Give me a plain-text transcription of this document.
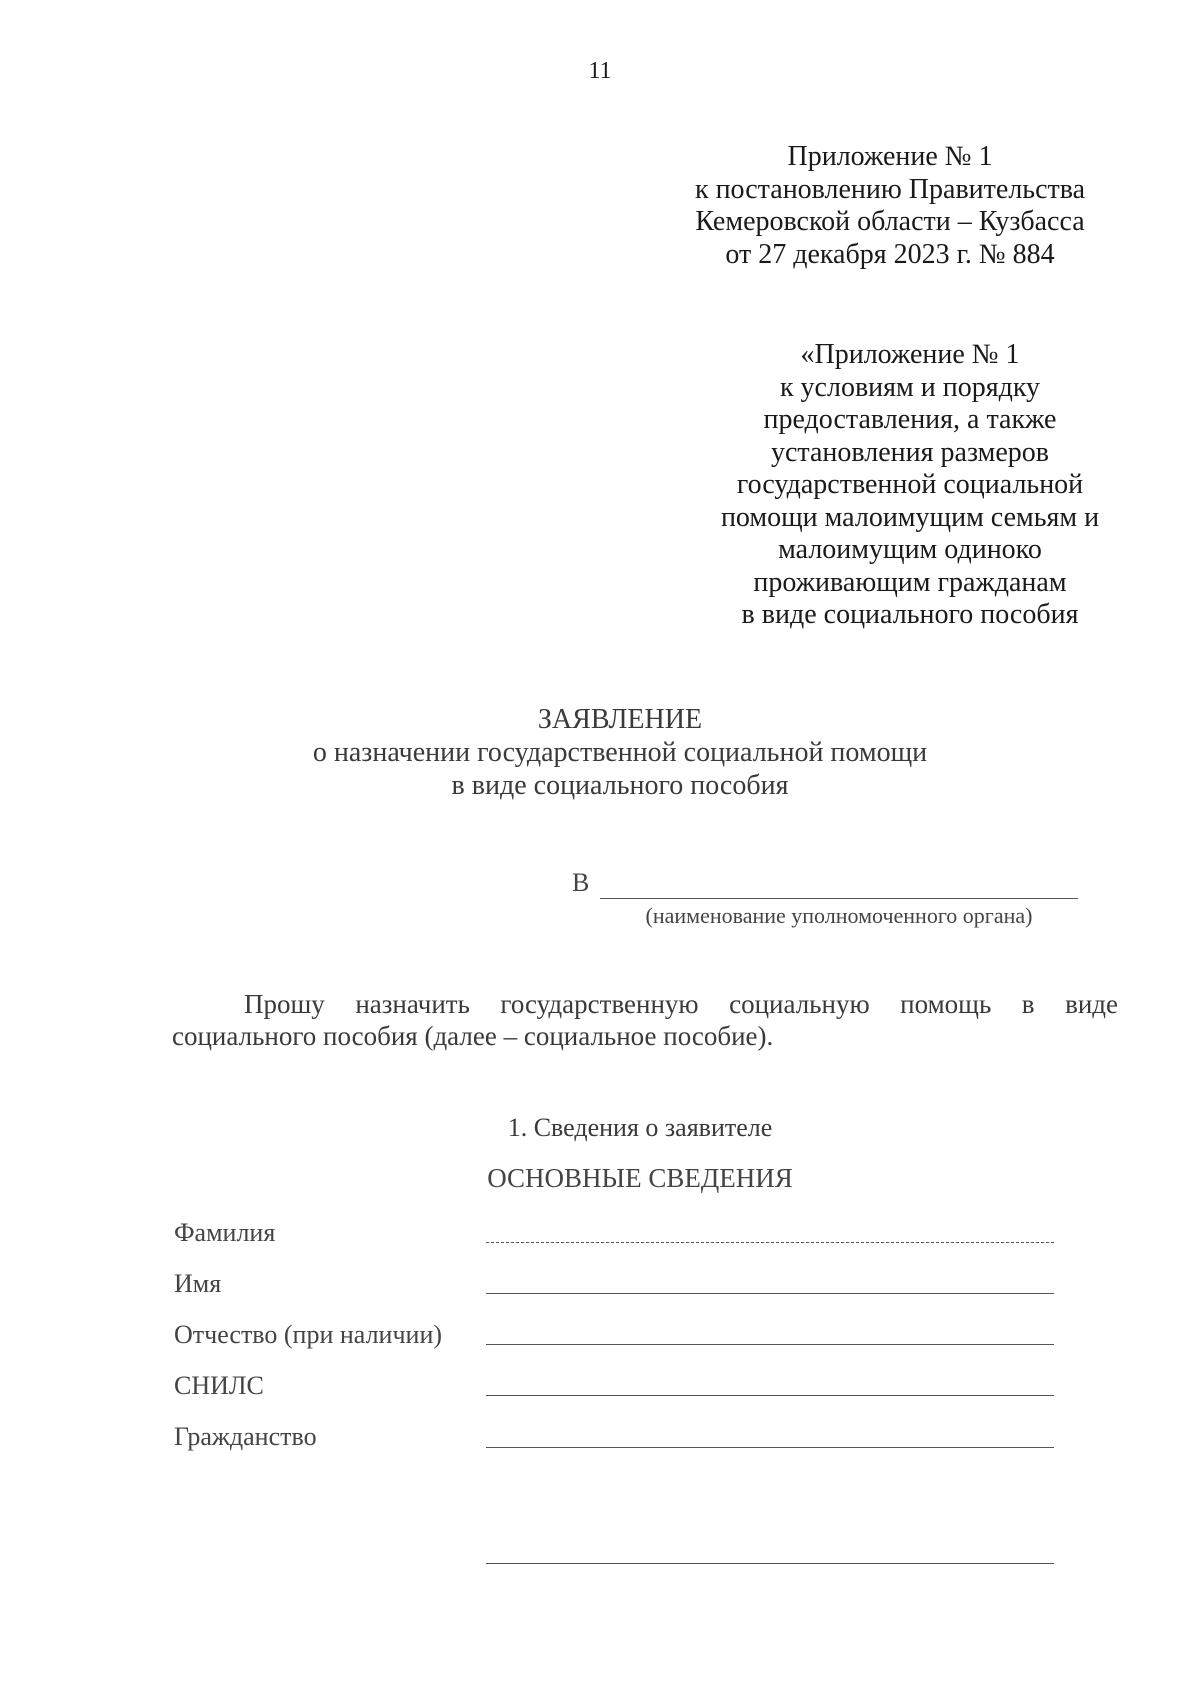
11
Приложение № 1
к постановлению Правительства
Кемеровской области – Кузбасса
от 27 декабря 2023 г. № 884
«Приложение № 1
к условиям и порядку
предоставления, а также
установления размеров
государственной социальной
помощи малоимущим семьям и
малоимущим одиноко
проживающим гражданам
в виде социального пособия
ЗАЯВЛЕНИЕ
о назначении государственной социальной помощи
в виде социального пособия
В
(наименование уполномоченного органа)
Прошу назначить государственную социальную помощь в виде
социального пособия (далее – социальное пособие).
1. Сведения о заявителе
ОСНОВНЫЕ СВЕДЕНИЯ
Фамилия
Имя
Отчество (при наличии)
СНИЛС
Гражданство
